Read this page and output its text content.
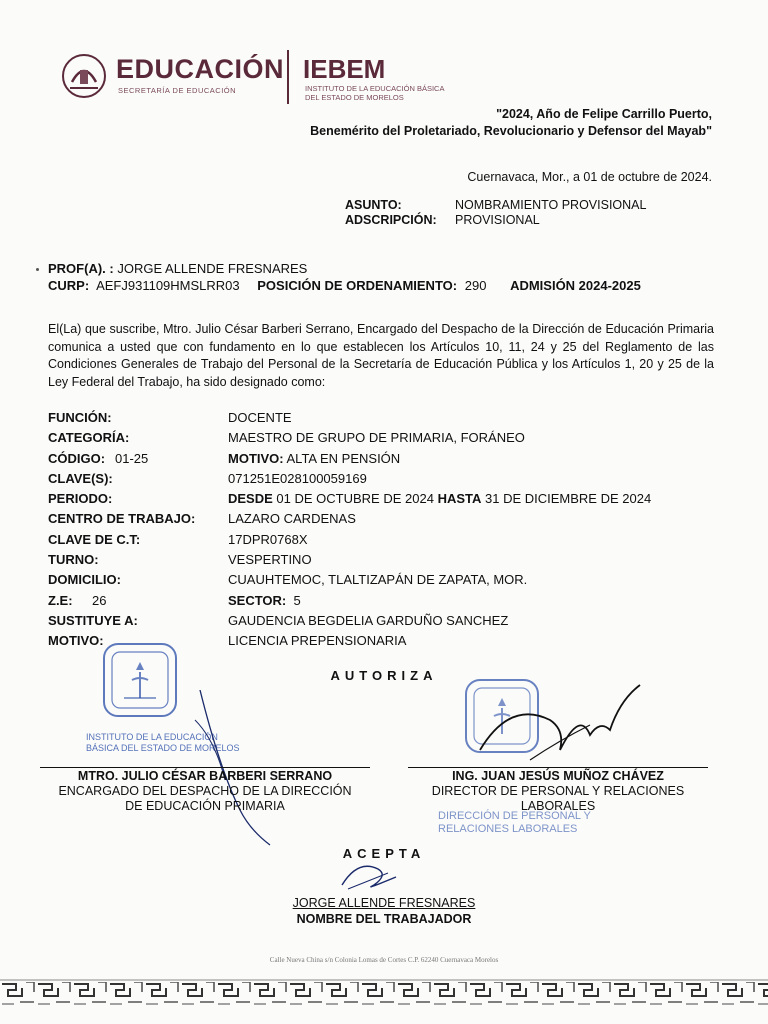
EDUCACIÓN
SECRETARÍA DE EDUCACIÓN
IEBEM
INSTITUTO DE LA EDUCACIÓN BÁSICA
DEL ESTADO DE MORELOS
"2024, Año de Felipe Carrillo Puerto,
Benemérito del Proletariado, Revolucionario y Defensor del Mayab"
Cuernavaca, Mor., a 01 de octubre de 2024.
ASUNTO:	NOMBRAMIENTO PROVISIONAL
ADSCRIPCIÓN: PROVISIONAL
PROF(A). : JORGE ALLENDE FRESNARES
CURP: AEFJ931109HMSLRR03 POSICIÓN DE ORDENAMIENTO: 290 ADMISIÓN 2024-2025
El(La) que suscribe, Mtro. Julio César Barberi Serrano, Encargado del Despacho de la Dirección de Educación Primaria comunica a usted que con fundamento en lo que establecen los Artículos 10, 11, 24 y 25 del Reglamento de las Condiciones Generales de Trabajo del Personal de la Secretaría de Educación Pública y los Artículos 1, 20 y 25 de la Ley Federal del Trabajo, ha sido designado como:
FUNCIÓN:	DOCENTE
CATEGORÍA:	MAESTRO DE GRUPO DE PRIMARIA, FORÁNEO
CÓDIGO: 01-25	MOTIVO: ALTA EN PENSIÓN
CLAVE(S):	071251E028100059169
PERIODO:	DESDE 01 DE OCTUBRE DE 2024 HASTA 31 DE DICIEMBRE DE 2024
CENTRO DE TRABAJO:	LAZARO CARDENAS
CLAVE DE C.T:	17DPR0768X
TURNO:	VESPERTINO
DOMICILIO:	CUAUHTEMOC, TLALTIZAPÁN DE ZAPATA, MOR.
Z.E: 26	SECTOR: 5
SUSTITUYE A:	GAUDENCIA BEGDELIA GARDUÑO SANCHEZ
MOTIVO:	LICENCIA PREPENSIONARIA
AUTORIZA
INSTITUTO DE LA EDUCACIÓN
BÁSICA DEL ESTADO DE MORELOS
DIRECCIÓN DE PERSONAL Y
RELACIONES LABORALES
MTRO. JULIO CÉSAR BARBERI SERRANO
ENCARGADO DEL DESPACHO DE LA DIRECCIÓN
DE EDUCACIÓN PRIMARIA
ING. JUAN JESÚS MUÑOZ CHÁVEZ
DIRECTOR DE PERSONAL Y RELACIONES
LABORALES
ACEPTA
JORGE ALLENDE FRESNARES
NOMBRE DEL TRABAJADOR
Calle Nueva China s/n Colonia Lomas de Cortes C.P. 62240 Cuernavaca Morelos
